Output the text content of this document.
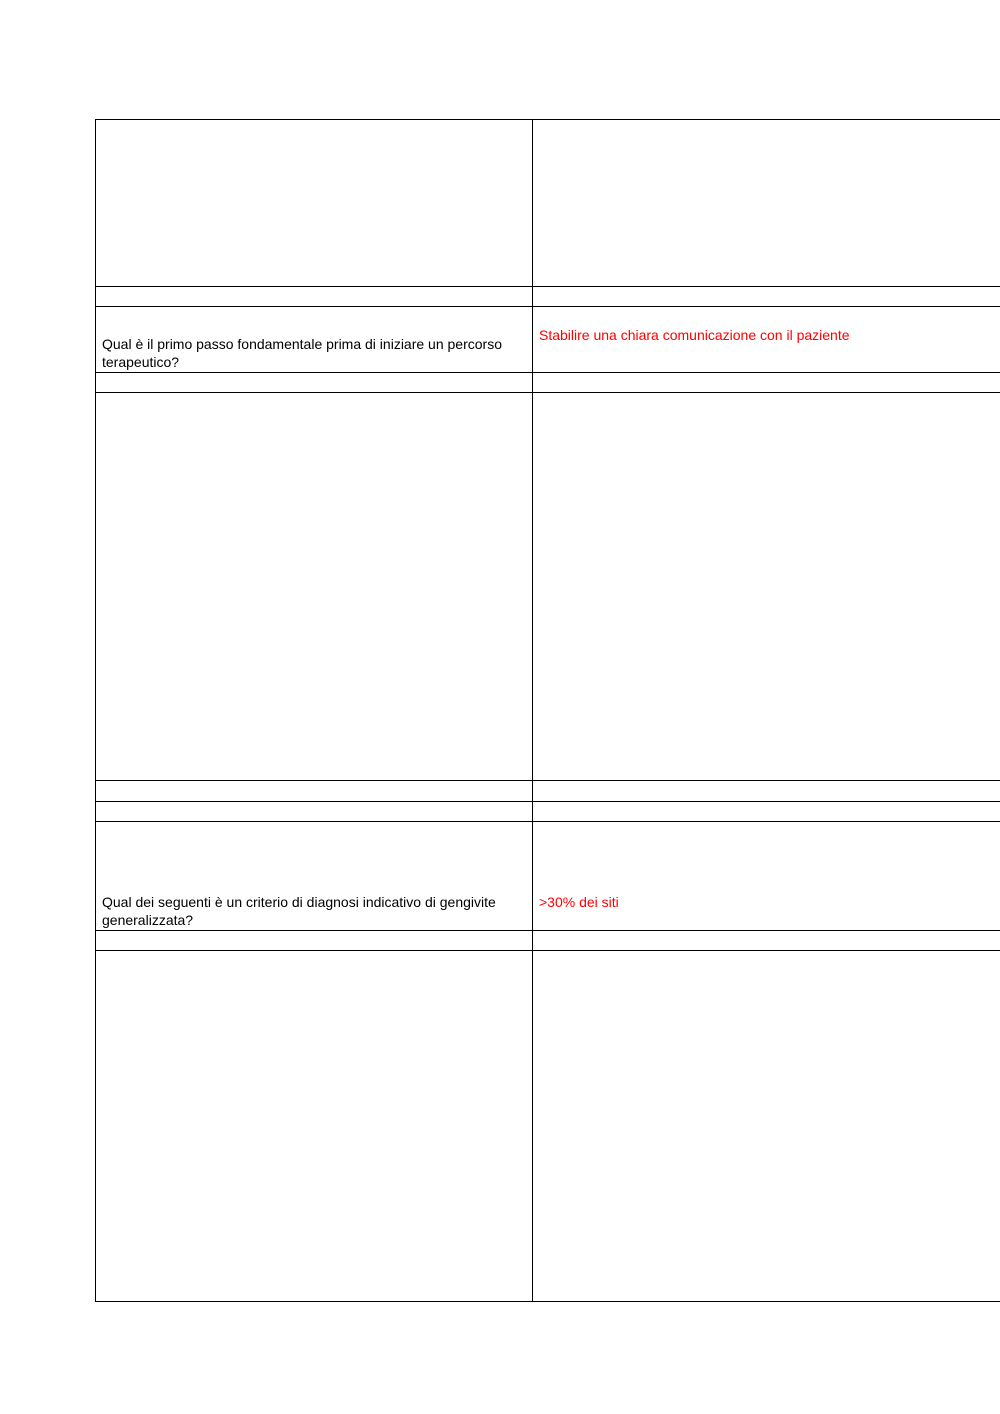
Qual è il primo passo fondamentale prima di iniziare un percorso terapeutico?	Stabilire una chiara comunicazione con il paziente

Qual dei seguenti è un criterio di diagnosi indicativo di gengivite generalizzata?	>30% dei siti
